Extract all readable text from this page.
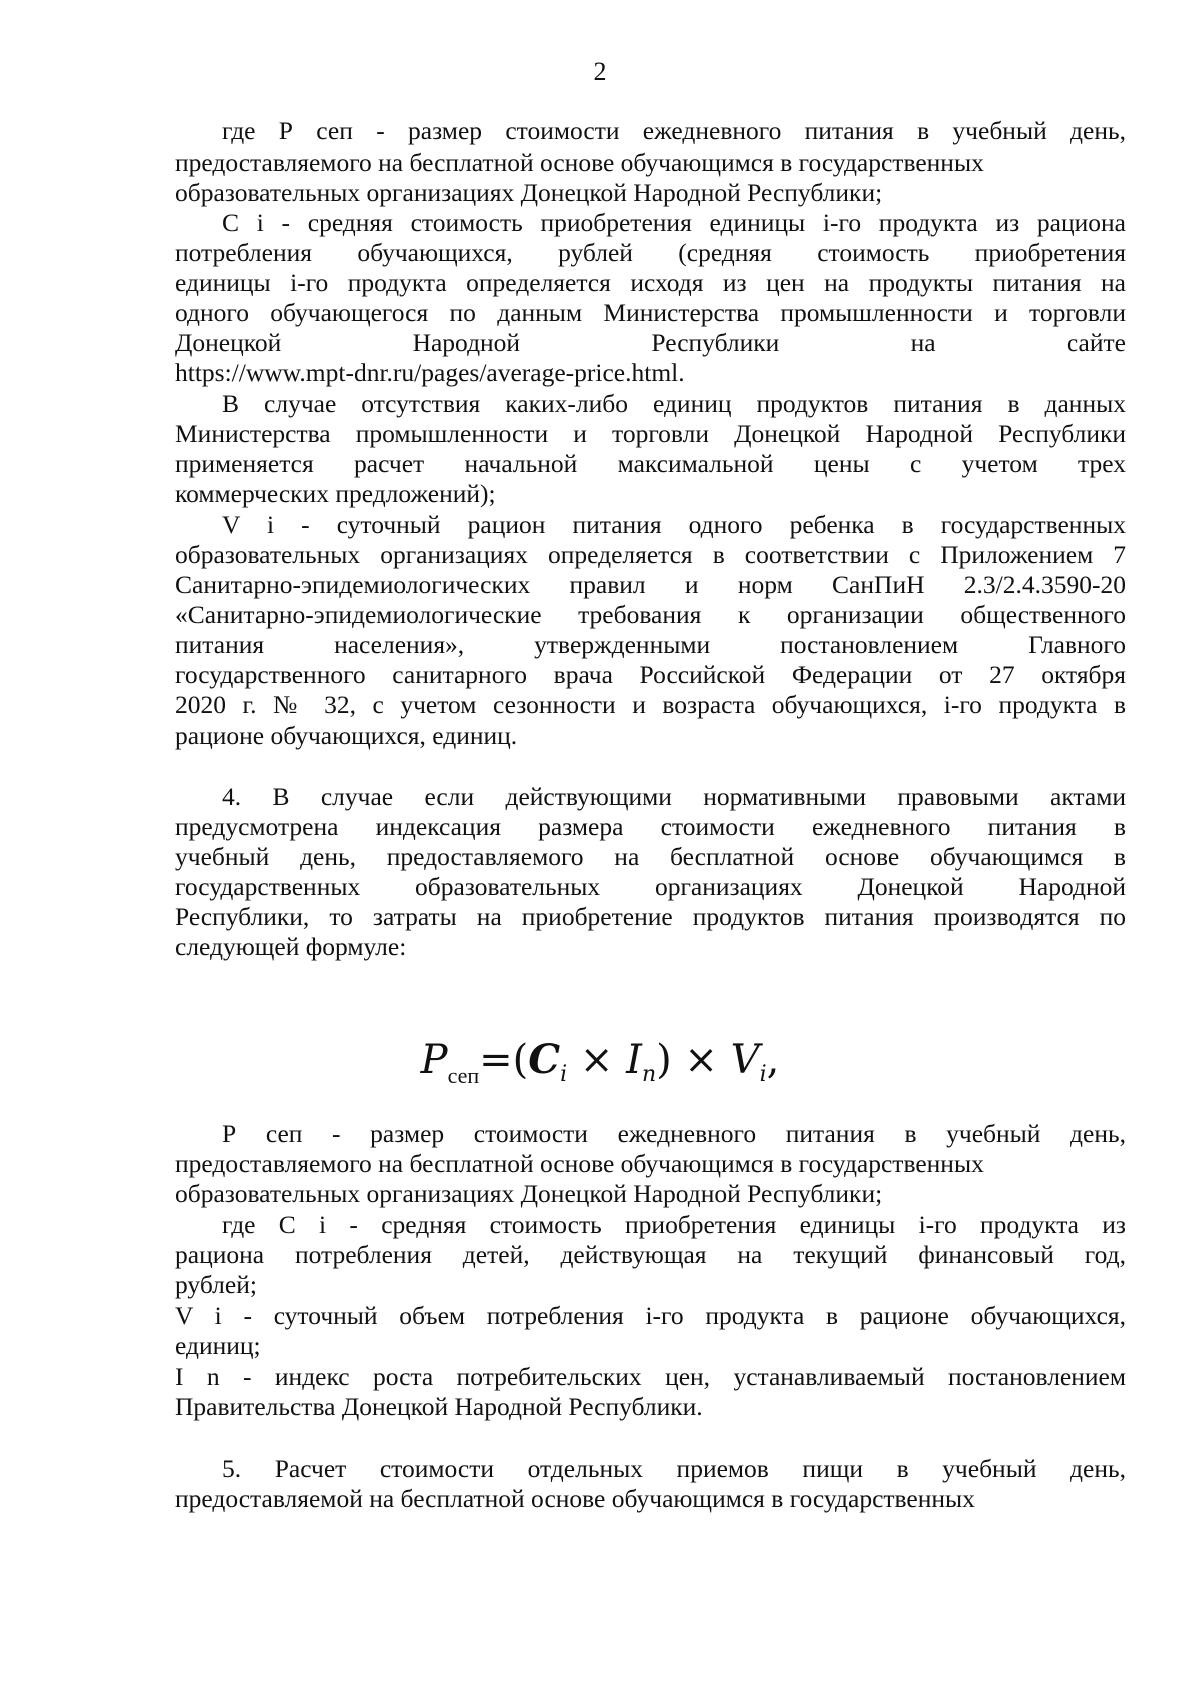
2
где Р сеп - размер стоимости ежедневного питания в учебный день,
предоставляемого на бесплатной основе обучающимся в государственных
образовательных организациях Донецкой Народной Республики;
С i - средняя стоимость приобретения единицы i-го продукта из рациона
потребления обучающихся, рублей (средняя стоимость приобретения
единицы i-го продукта определяется исходя из цен на продукты питания на
одного обучающегося по данным Министерства промышленности и торговли
Донецкой Народной Республики на сайте
https://www.mpt-dnr.ru/pages/average-price.html.
В случае отсутствия каких-либо единиц продуктов питания в данных
Министерства промышленности и торговли Донецкой Народной Республики
применяется расчет начальной максимальной цены с учетом трех
коммерческих предложений);
V i - суточный рацион питания одного ребенка в государственных
образовательных организациях определяется в соответствии с Приложением 7
Санитарно-эпидемиологических правил и норм СанПиН 2.3/2.4.3590-20
«Санитарно-эпидемиологические требования к организации общественного
питания населения», утвержденными постановлением Главного
государственного санитарного врача Российской Федерации от 27 октября
2020 г. № 32, с учетом сезонности и возраста обучающихся, i-го продукта в
рационе обучающихся, единиц.
4. В случае если действующими нормативными правовыми актами
предусмотрена индексация размера стоимости ежедневного питания в
учебный день, предоставляемого на бесплатной основе обучающимся в
государственных образовательных организациях Донецкой Народной
Республики, то затраты на приобретение продуктов питания производятся по
следующей формуле:
$P_{сеп}=(C_i \times I_n) \times V_i$,
Р сеп - размер стоимости ежедневного питания в учебный день,
предоставляемого на бесплатной основе обучающимся в государственных
образовательных организациях Донецкой Народной Республики;
где С i - средняя стоимость приобретения единицы i-го продукта из
рациона потребления детей, действующая на текущий финансовый год,
рублей;
V i - суточный объем потребления i-го продукта в рационе обучающихся,
единиц;
I n - индекс роста потребительских цен, устанавливаемый постановлением
Правительства Донецкой Народной Республики.
5. Расчет стоимости отдельных приемов пищи в учебный день,
предоставляемой на бесплатной основе обучающимся в государственных
